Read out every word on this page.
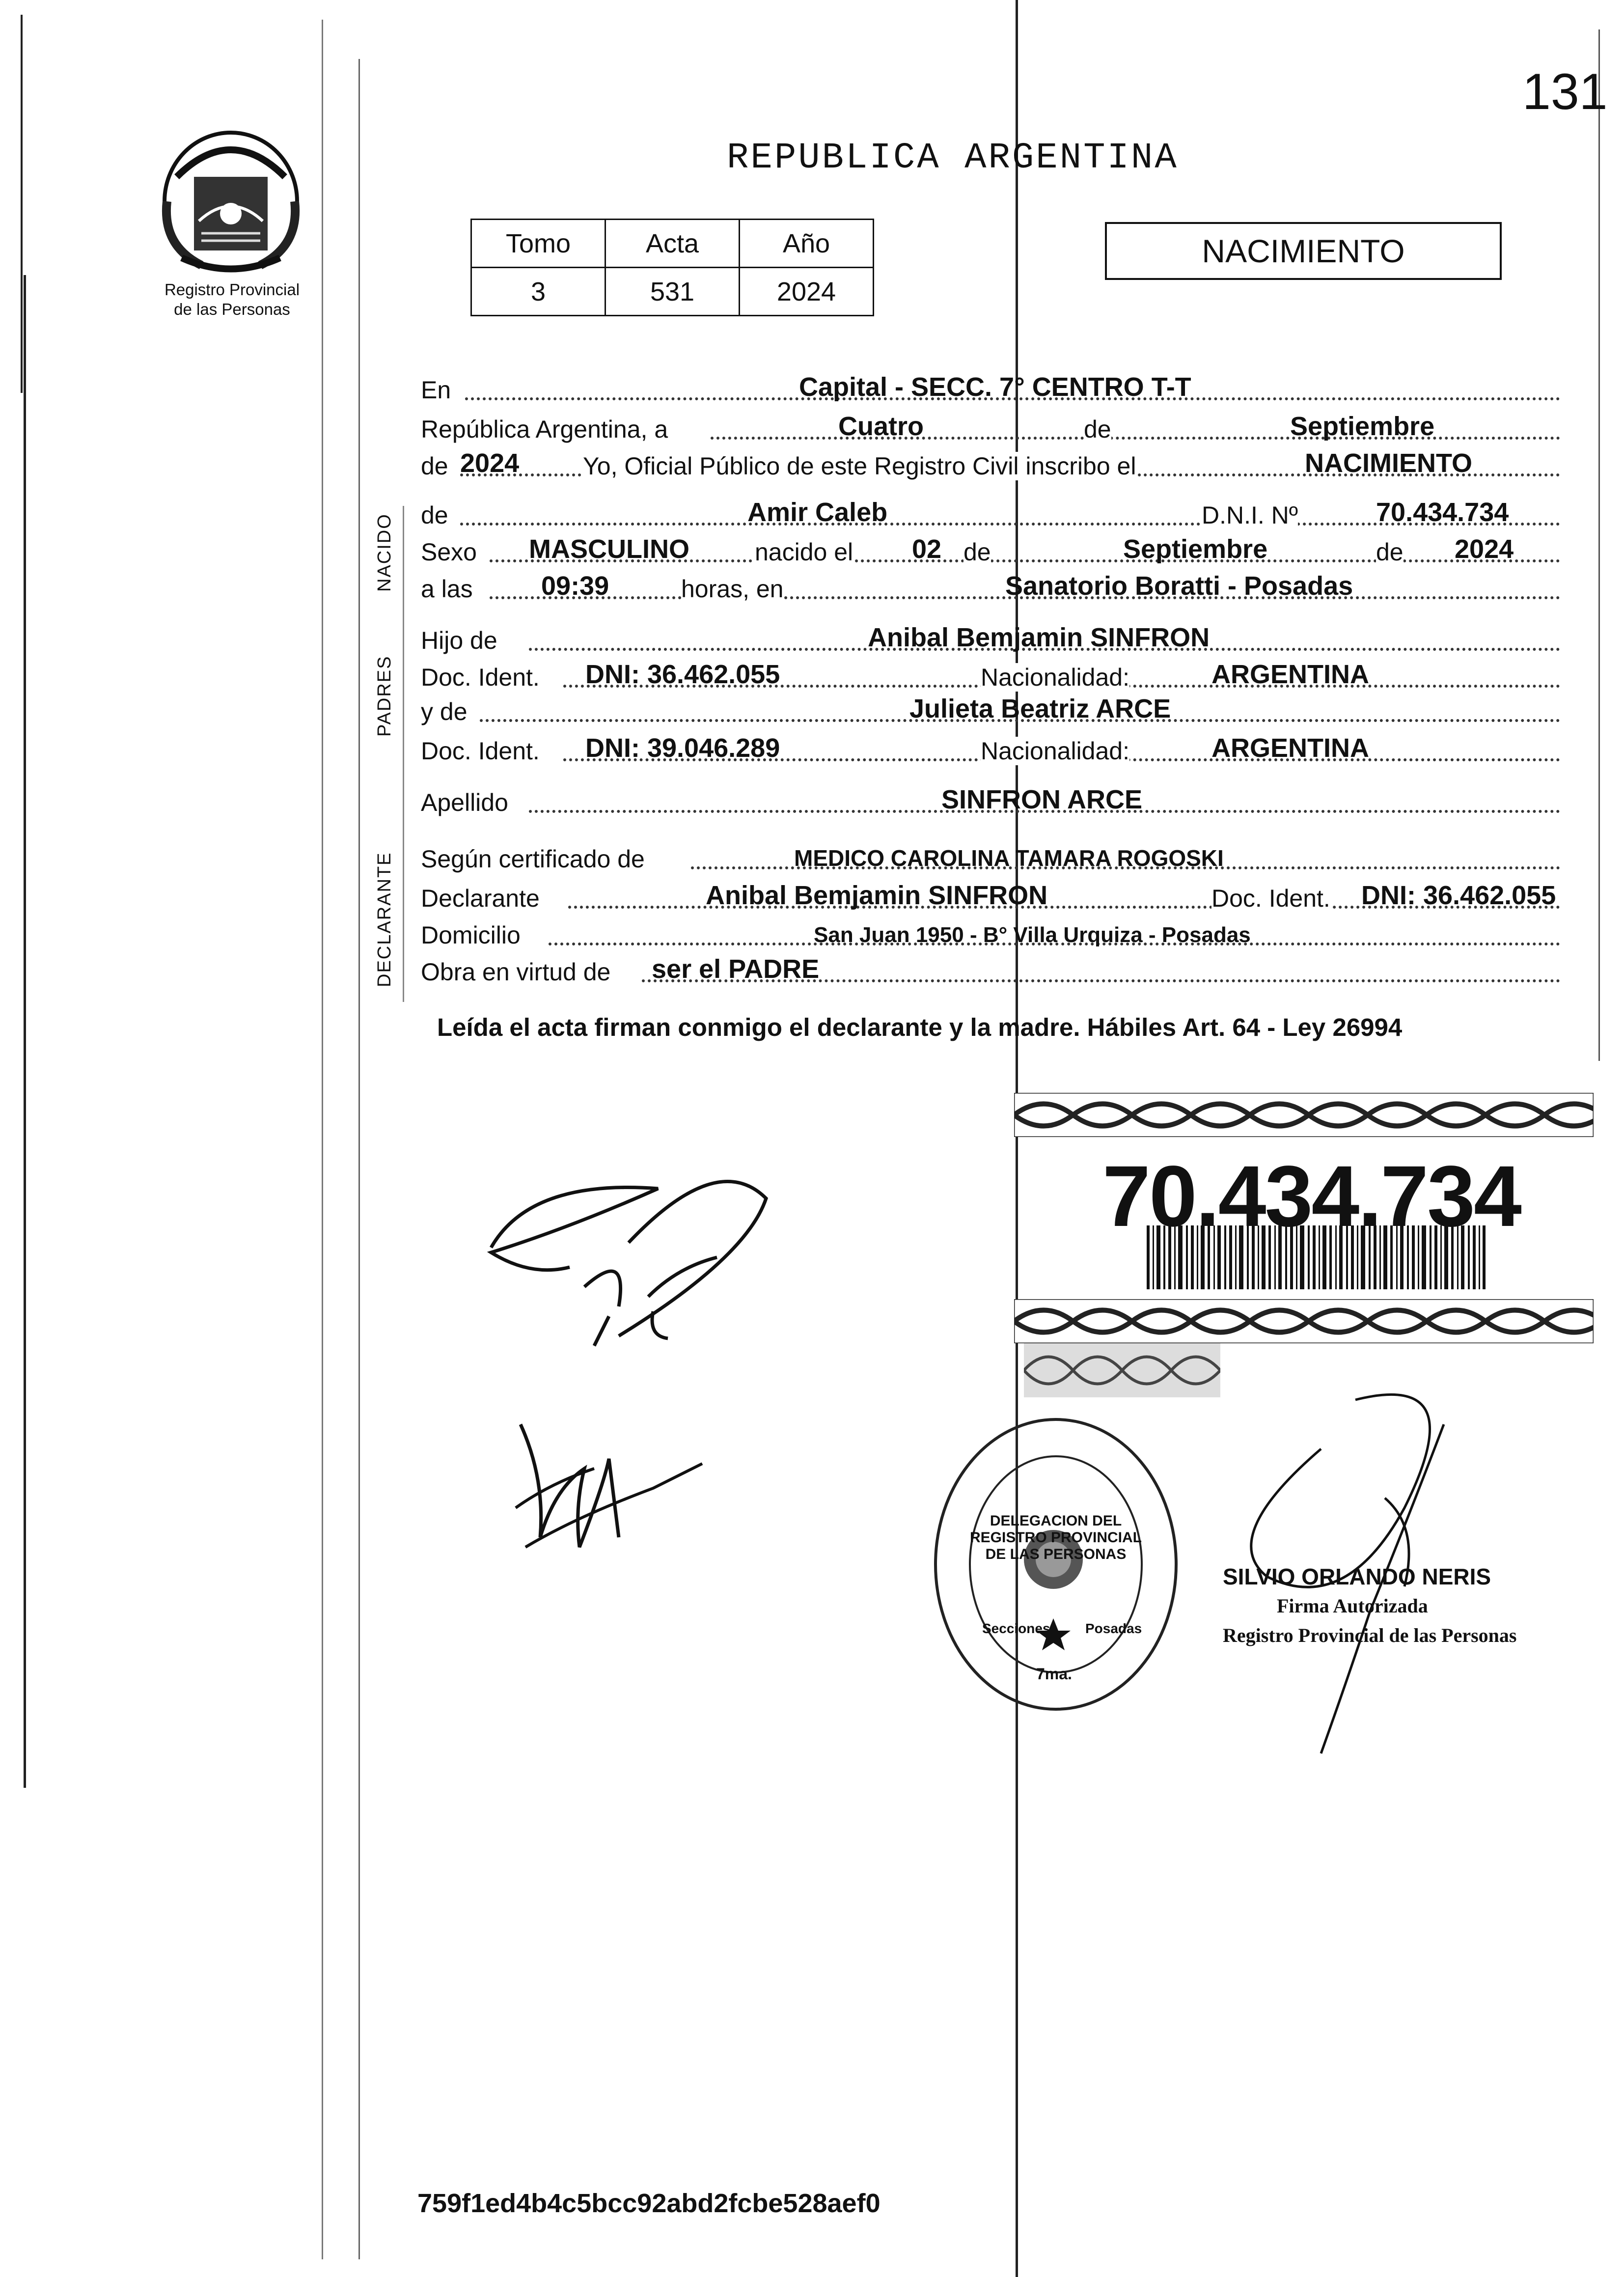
131
REPUBLICA ARGENTINA
Registro Provincial
de las Personas
Tomo	Acta	Año
3	531	2024
NACIMIENTO
NACIDO
PADRES
DECLARANTE
En	Capital - SECC. 7° CENTRO T-T
República Argentina, a	Cuatro	de	Septiembre
de 2024	Yo, Oficial Público de este Registro Civil inscribo el	NACIMIENTO
de	Amir Caleb	D.N.I. Nº	70.434.734
Sexo MASCULINO	nacido el 02 de	Septiembre	de 2024
a las	09:39	horas, en	Sanatorio Boratti - Posadas
Hijo de	Anibal Bemjamin SINFRON
Doc. Ident. DNI: 36.462.055	Nacionalidad:	ARGENTINA
y de	Julieta Beatriz ARCE
Doc. Ident. DNI: 39.046.289	Nacionalidad:	ARGENTINA
Apellido	SINFRON ARCE
Según certificado de	MEDICO CAROLINA TAMARA ROGOSKI
Declarante	Anibal Bemjamin SINFRON	Doc. Ident. DNI: 36.462.055
Domicilio	San Juan 1950 - B° Villa Urquiza - Posadas
Obra en virtud de ser el PADRE
Leída el acta firman conmigo el declarante y la madre. Hábiles Art. 64 - Ley 26994
70.434.734
DELEGACION DEL REGISTRO PROVINCIAL DE LAS PERSONAS
Secciones	Posadas
7ma.
SILVIO ORLANDO NERIS
Firma Autorizada
Registro Provincial de las Personas
759f1ed4b4c5bcc92abd2fcbe528aef0
